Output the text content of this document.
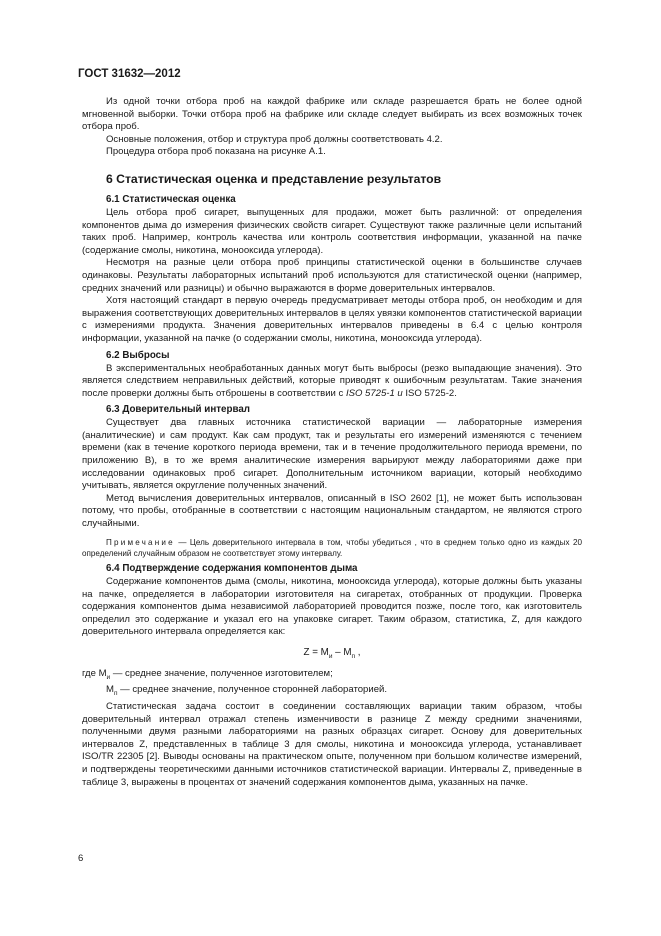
ГОСТ 31632—2012

Из одной точки отбора проб на каждой фабрике или складе разрешается брать не более одной мгновенной выборки. Точки отбора проб на фабрике или складе следует выбирать из всех возможных точек отбора проб.

Основные положения, отбор и структура проб должны соответствовать 4.2.

Процедура отбора проб показана на рисунке А.1.

6 Статистическая оценка и представление результатов
6.1 Статистическая оценка

Цель отбора проб сигарет, выпущенных для продажи, может быть различной: от определения компонентов дыма до измерения физических свойств сигарет. Существуют также различные цели испытаний таких проб. Например, контроль качества или контроль соответствия информации, указанной на пачке (содержание смолы, никотина, монооксида углерода).

Несмотря на разные цели отбора проб принципы статистической оценки в большинстве случаев одинаковы. Результаты лабораторных испытаний проб используются для статистической оценки (например, средних значений или разницы) и обычно выражаются в форме доверительных интервалов.

Хотя настоящий стандарт в первую очередь предусматривает методы отбора проб, он необходим и для выражения соответствующих доверительных интервалов в целях увязки компонентов статистической вариации с измерениями продукта. Значения доверительных интервалов приведены в 6.4 с целью контроля информации, указанной на пачке (о содержании смолы, никотина, монооксида углерода).

6.2 Выбросы

В экспериментальных необработанных данных могут быть выбросы (резко выпадающие значения). Это является следствием неправильных действий, которые приводят к ошибочным результатам. Такие значения после проверки должны быть отброшены в соответствии с ISO 5725-1 и ISO 5725-2.

6.3 Доверительный интервал

Существует два главных источника статистической вариации — лабораторные измерения (аналитические) и сам продукт. Как сам продукт, так и результаты его измерений изменяются с течением времени (как в течение короткого периода времени, так и в течение продолжительного периода времени, по приложению В), в то же время аналитические измерения варьируют между лабораториями даже при исследовании одинаковых проб сигарет. Дополнительным источником вариации, который необходимо учитывать, является округление полученных значений.

Метод вычисления доверительных интервалов, описанный в ISO 2602 [1], не может быть использован потому, что пробы, отобранные в соответствии с настоящим национальным стандартом, не являются строго случайными.

Примечание — Цель доверительного интервала в том, чтобы убедиться , что в среднем только одно из каждых 20 определений случайным образом не соответствует этому интервалу.

6.4 Подтверждение содержания компонентов дыма

Содержание компонентов дыма (смолы, никотина, монооксида углерода), которые должны быть указаны на пачке, определяется в лаборатории изготовителя на сигаретах, отобранных от продукции. Проверка содержания компонентов дыма независимой лабораторией проводится позже, после того, как изготовитель определил это содержание и указал его на упаковке сигарет. Таким образом, статистика, Z, для каждого доверительного интервала определяется как:

$Z = M_и - M_п$ ,

где $M_и$ — среднее значение, полученное изготовителем;

$M_п$ — среднее значение, полученное сторонней лабораторией.

Статистическая задача состоит в соединении составляющих вариации таким образом, чтобы доверительный интервал отражал степень изменчивости в разнице Z между средними значениями, полученными двумя разными лабораториями на разных образцах сигарет. Основу для доверительных интервалов Z, представленных в таблице 3 для смолы, никотина и монооксида углерода, устанавливает ISO/TR 22305 [2]. Выводы основаны на практическом опыте, полученном при большом количестве измерений, и подтверждены теоретическими данными источников статистической вариации. Интервалы Z, приведенные в таблице 3, выражены в процентах от значений содержания компонентов дыма, указанных на пачке.

6
